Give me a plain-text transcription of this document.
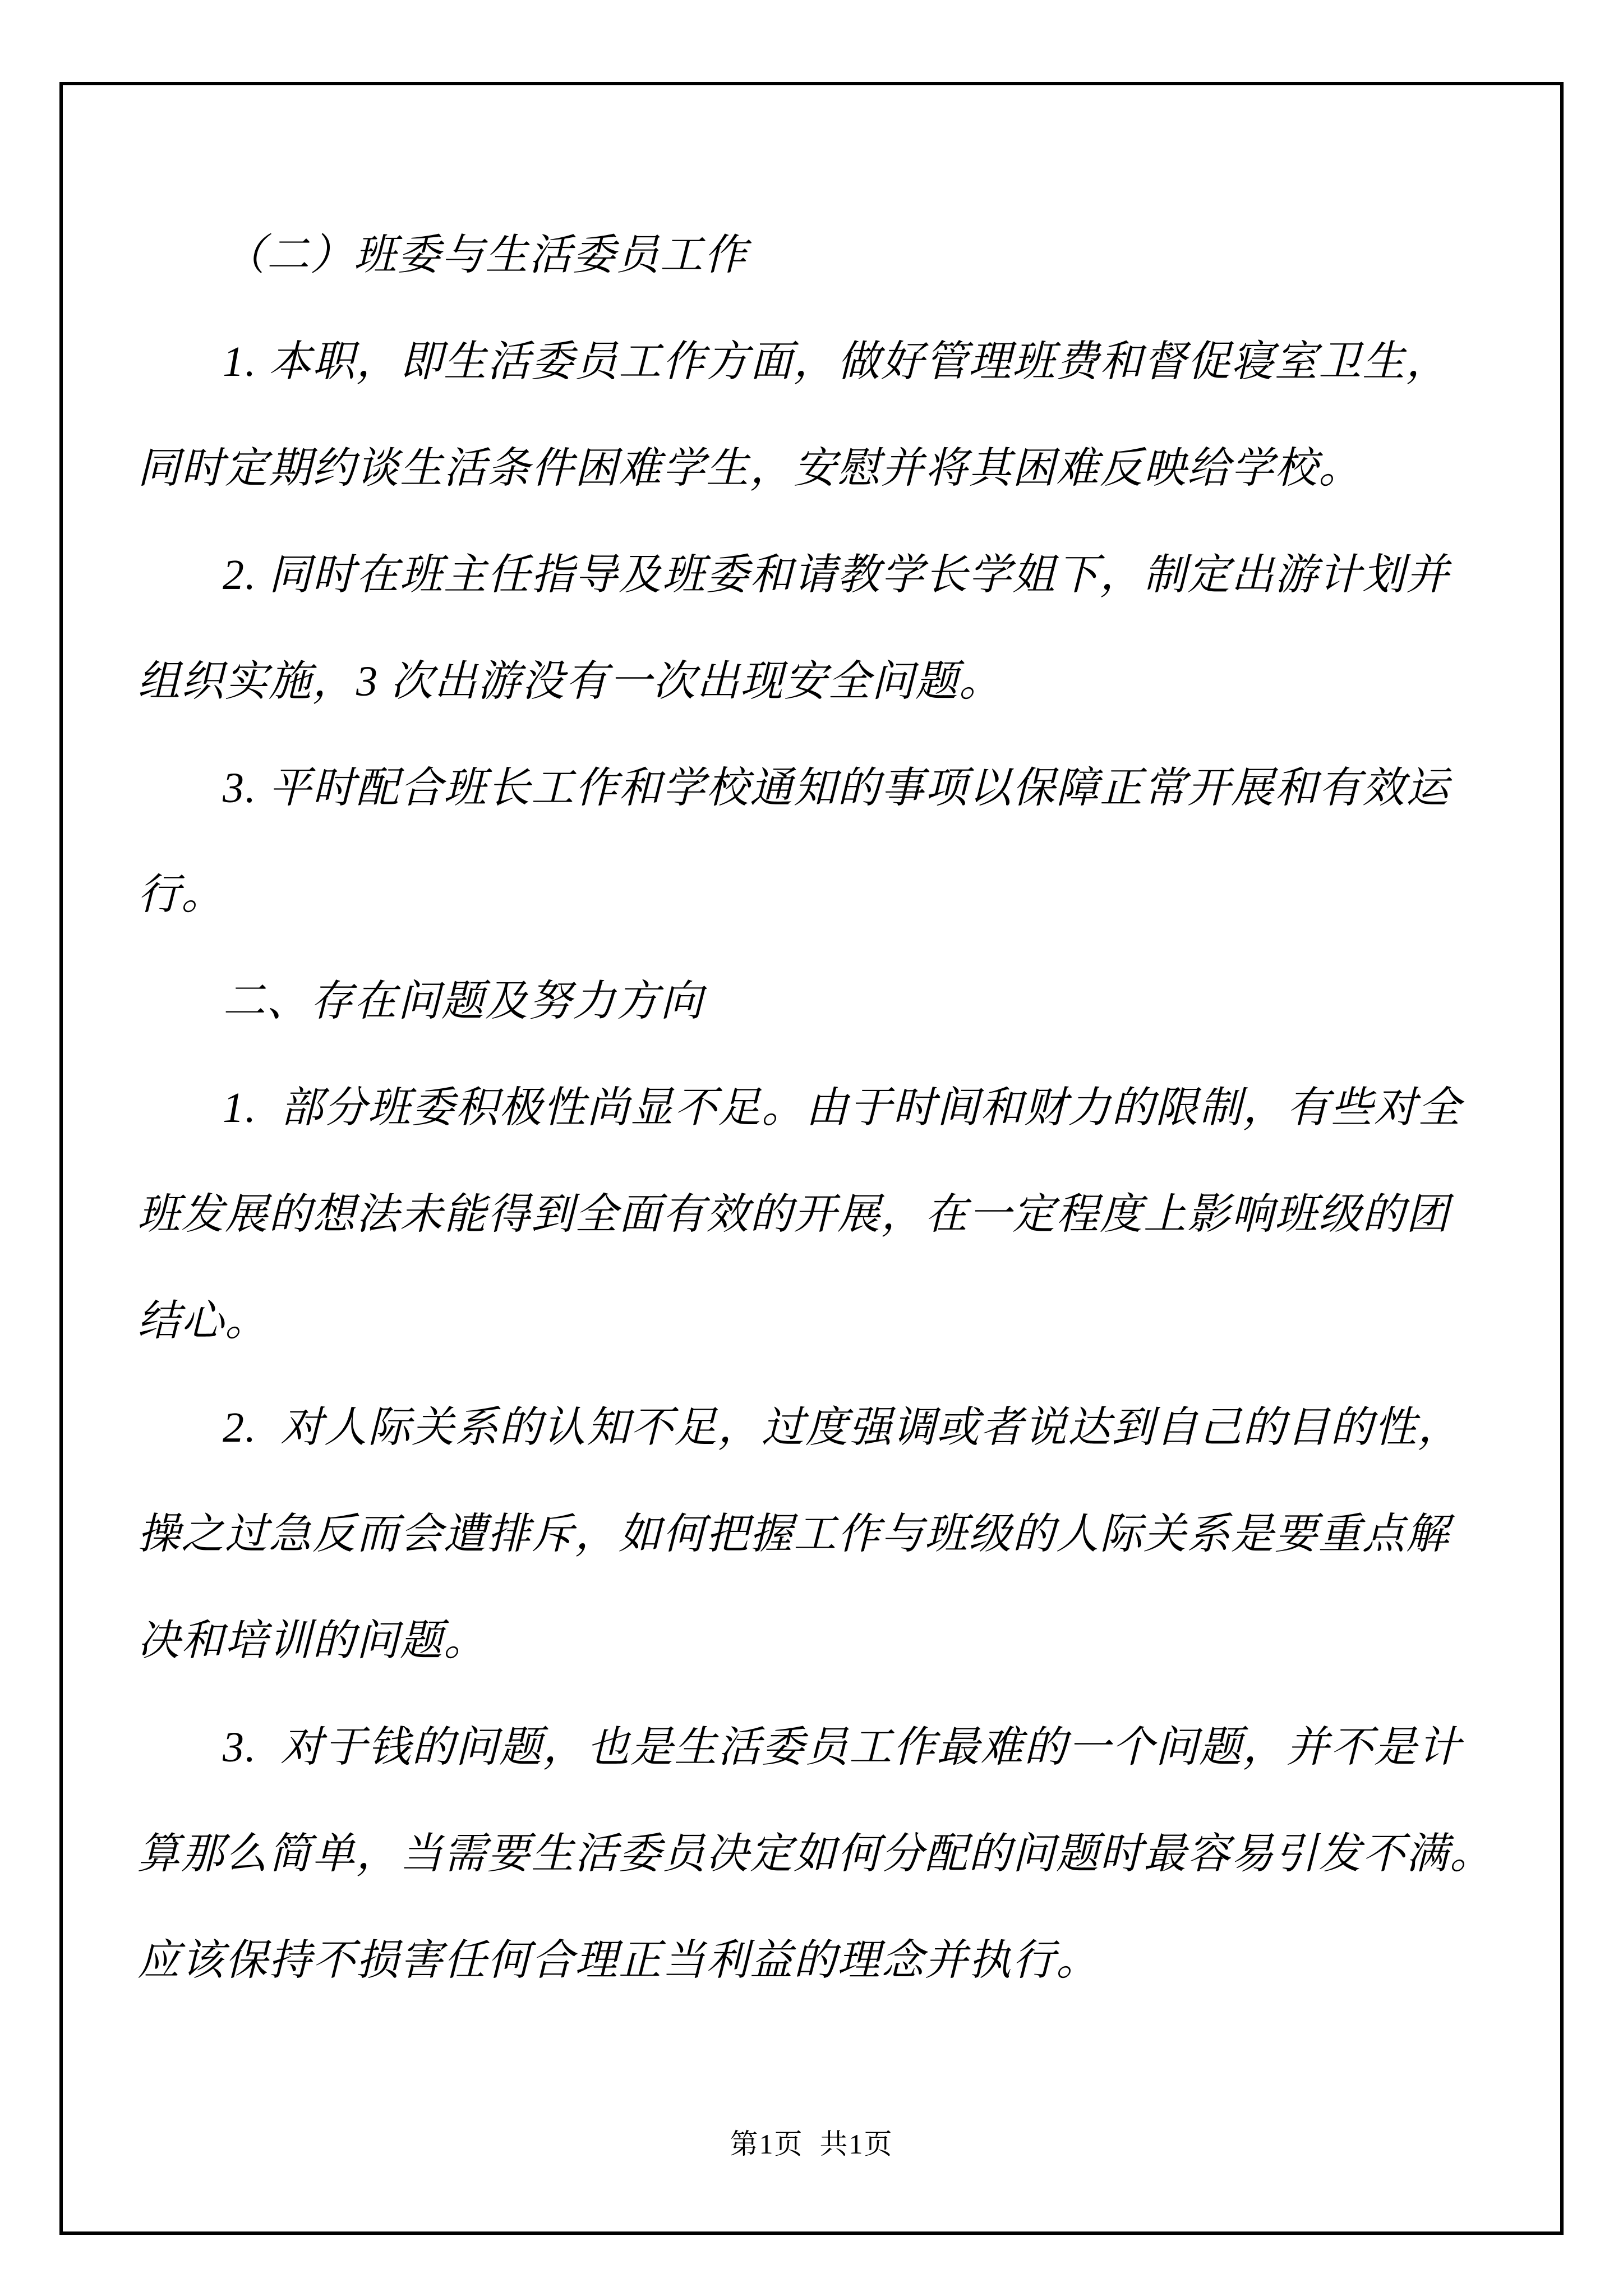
（二）班委与生活委员工作
1. 本职，即生活委员工作方面，做好管理班费和督促寝室卫生，
同时定期约谈生活条件困难学生，安慰并将其困难反映给学校。
2. 同时在班主任指导及班委和请教学长学姐下，制定出游计划并
组织实施，3 次出游没有一次出现安全问题。
3. 平时配合班长工作和学校通知的事项以保障正常开展和有效运
行。
二、存在问题及努力方向
1.  部分班委积极性尚显不足。由于时间和财力的限制，有些对全
班发展的想法未能得到全面有效的开展，在一定程度上影响班级的团
结心。
2.  对人际关系的认知不足，过度强调或者说达到自己的目的性，
操之过急反而会遭排斥，如何把握工作与班级的人际关系是要重点解
决和培训的问题。
3.  对于钱的问题，也是生活委员工作最难的一个问题，并不是计
算那么简单，当需要生活委员决定如何分配的问题时最容易引发不满。
应该保持不损害任何合理正当利益的理念并执行。
第1页  共1页
